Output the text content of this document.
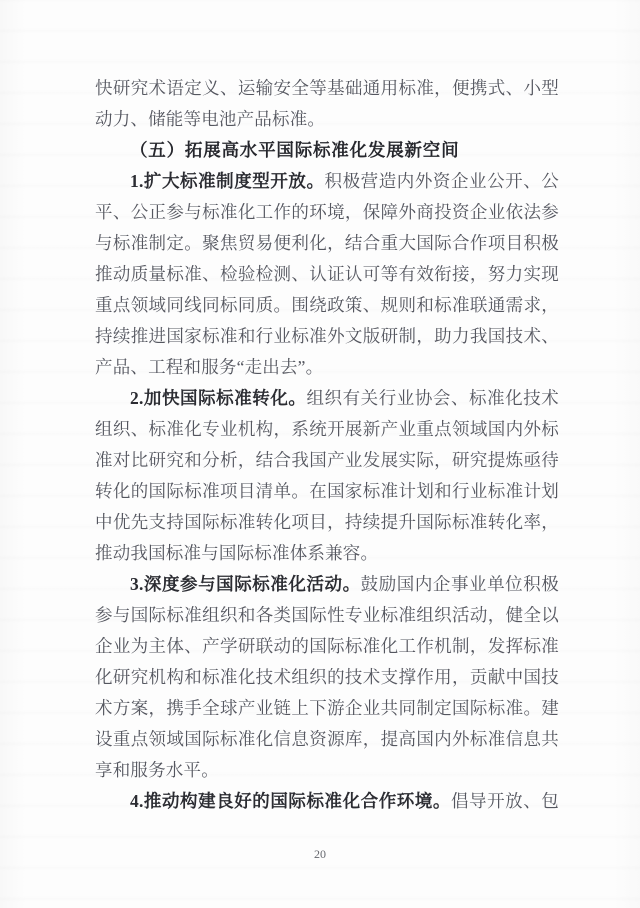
快研究术语定义、运输安全等基础通用标准，便携式、小型
动力、储能等电池产品标准。
（五）拓展高水平国际标准化发展新空间
1.扩大标准制度型开放。积极营造内外资企业公开、公
平、公正参与标准化工作的环境，保障外商投资企业依法参
与标准制定。聚焦贸易便利化，结合重大国际合作项目积极
推动质量标准、检验检测、认证认可等有效衔接，努力实现
重点领域同线同标同质。围绕政策、规则和标准联通需求，
持续推进国家标准和行业标准外文版研制，助力我国技术、
产品、工程和服务“走出去”。
2.加快国际标准转化。组织有关行业协会、标准化技术
组织、标准化专业机构，系统开展新产业重点领域国内外标
准对比研究和分析，结合我国产业发展实际，研究提炼亟待
转化的国际标准项目清单。在国家标准计划和行业标准计划
中优先支持国际标准转化项目，持续提升国际标准转化率，
推动我国标准与国际标准体系兼容。
3.深度参与国际标准化活动。鼓励国内企事业单位积极
参与国际标准组织和各类国际性专业标准组织活动，健全以
企业为主体、产学研联动的国际标准化工作机制，发挥标准
化研究机构和标准化技术组织的技术支撑作用，贡献中国技
术方案，携手全球产业链上下游企业共同制定国际标准。建
设重点领域国际标准化信息资源库，提高国内外标准信息共
享和服务水平。
4.推动构建良好的国际标准化合作环境。倡导开放、包
20
